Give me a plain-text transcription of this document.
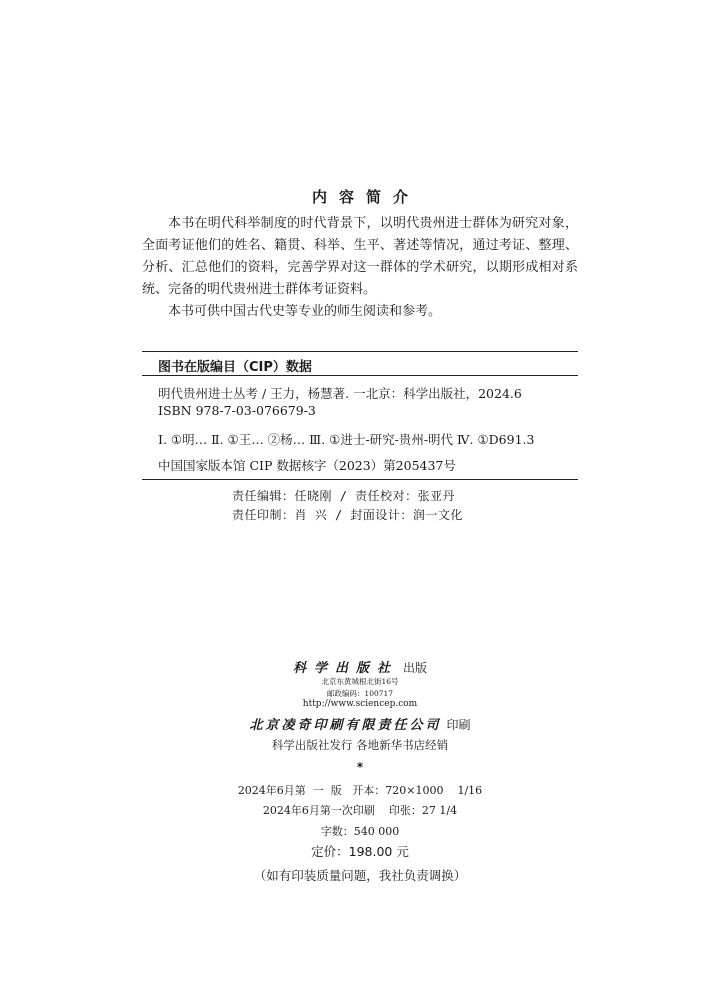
内容简介
本书在明代科举制度的时代背景下，以明代贵州进士群体为研究对象，全面考证他们的姓名、籍贯、科举、生平、著述等情况，通过考证、整理、分析、汇总他们的资料，完善学界对这一群体的学术研究，以期形成相对系统、完备的明代贵州进士群体考证资料。
本书可供中国古代史等专业的师生阅读和参考。
图书在版编目（CIP）数据
明代贵州进士丛考 / 王力，杨慧著. 一北京：科学出版社，2024.6
ISBN 978-7-03-076679-3
Ⅰ. ①明… Ⅱ. ①王… ②杨… Ⅲ. ①进士-研究-贵州-明代 Ⅳ. ①D691.3
中国国家版本馆 CIP 数据核字（2023）第205437号
责任编辑：任晓刚 / 责任校对：张亚丹
责任印制：肖 兴 / 封面设计：润一文化
科学出版社 出版
北京东黄城根北街16号
邮政编码：100717
http://www.sciencep.com
北京凌奇印刷有限责任公司 印刷
科学出版社发行 各地新华书店经销
*
2024年6月第  一  版   开本：720×1000    1/16
2024年6月第一次印刷    印张：27 1/4
字数：540 000
定价：198.00 元
（如有印装质量问题，我社负责调换）
